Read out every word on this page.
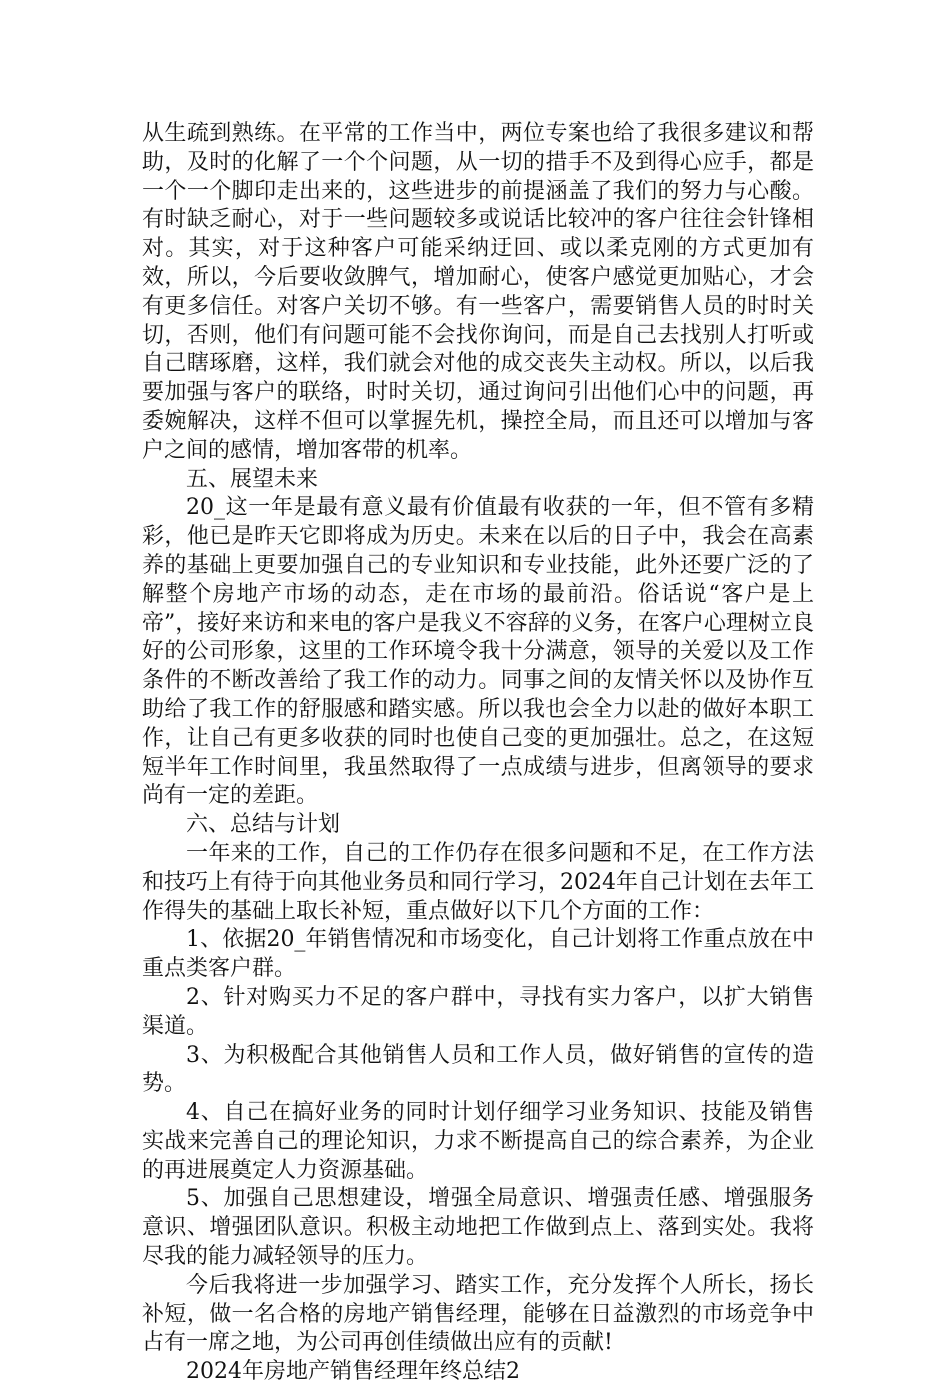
从生疏到熟练。在平常的工作当中，两位专案也给了我很多建议和帮助，及时的化解了一个个问题，从一切的措手不及到得心应手，都是一个一个脚印走出来的，这些进步的前提涵盖了我们的努力与心酸。有时缺乏耐心，对于一些问题较多或说话比较冲的客户往往会针锋相对。其实，对于这种客户可能采纳迂回、或以柔克刚的方式更加有效，所以，今后要收敛脾气，增加耐心，使客户感觉更加贴心，才会有更多信任。对客户关切不够。有一些客户，需要销售人员的时时关切，否则，他们有问题可能不会找你询问，而是自己去找别人打听或自己瞎琢磨，这样，我们就会对他的成交丧失主动权。所以，以后我要加强与客户的联络，时时关切，通过询问引出他们心中的问题，再委婉解决，这样不但可以掌握先机，操控全局，而且还可以增加与客户之间的感情，增加客带的机率。

五、展望未来

20_这一年是最有意义最有价值最有收获的一年，但不管有多精彩，他已是昨天它即将成为历史。未来在以后的日子中，我会在高素养的基础上更要加强自己的专业知识和专业技能，此外还要广泛的了解整个房地产市场的动态，走在市场的最前沿。俗话说“客户是上帝”，接好来访和来电的客户是我义不容辞的义务，在客户心理树立良好的公司形象，这里的工作环境令我十分满意，领导的关爱以及工作条件的不断改善给了我工作的动力。同事之间的友情关怀以及协作互助给了我工作的舒服感和踏实感。所以我也会全力以赴的做好本职工作，让自己有更多收获的同时也使自己变的更加强壮。总之，在这短短半年工作时间里，我虽然取得了一点成绩与进步，但离领导的要求尚有一定的差距。

六、总结与计划

一年来的工作，自己的工作仍存在很多问题和不足，在工作方法和技巧上有待于向其他业务员和同行学习，2024年自己计划在去年工作得失的基础上取长补短，重点做好以下几个方面的工作：

1、依据20_年销售情况和市场变化，自己计划将工作重点放在中重点类客户群。

2、针对购买力不足的客户群中，寻找有实力客户，以扩大销售渠道。

3、为积极配合其他销售人员和工作人员，做好销售的宣传的造势。

4、自己在搞好业务的同时计划仔细学习业务知识、技能及销售实战来完善自己的理论知识，力求不断提高自己的综合素养，为企业的再进展奠定人力资源基础。

5、加强自己思想建设，增强全局意识、增强责任感、增强服务意识、增强团队意识。积极主动地把工作做到点上、落到实处。我将尽我的能力减轻领导的压力。

今后我将进一步加强学习、踏实工作，充分发挥个人所长，扬长补短，做一名合格的房地产销售经理，能够在日益激烈的市场竞争中占有一席之地，为公司再创佳绩做出应有的贡献!

2024年房地产销售经理年终总结2
